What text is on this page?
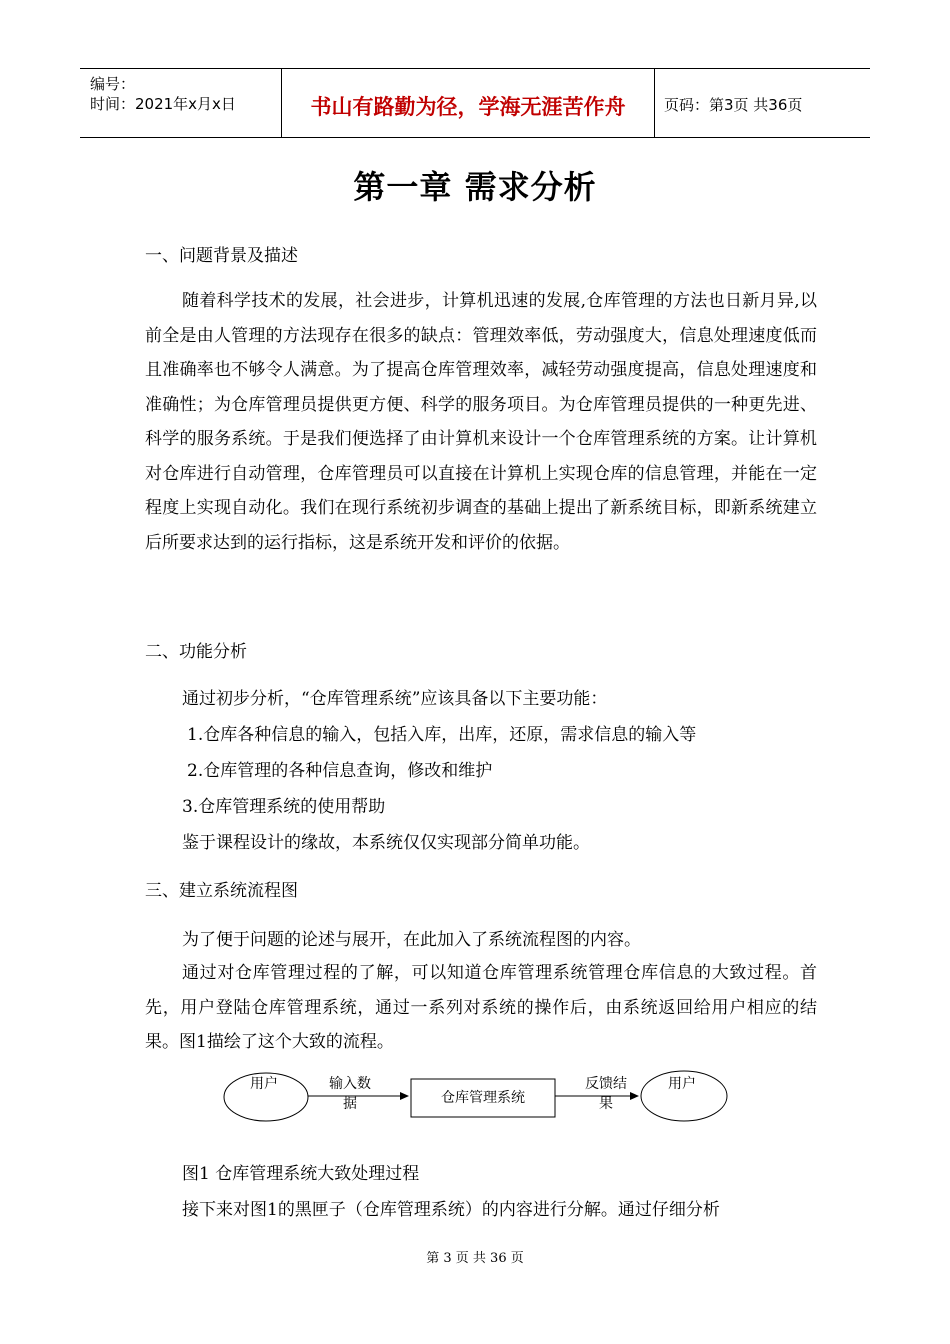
编号：
时间：2021年x月x日	书山有路勤为径，学海无涯苦作舟	页码：第3页 共36页
第一章 需求分析
一、问题背景及描述
随着科学技术的发展，社会进步，计算机迅速的发展,仓库管理的方法也日新月异,以前全是由人管理的方法现存在很多的缺点：管理效率低，劳动强度大，信息处理速度低而且准确率也不够令人满意。为了提高仓库管理效率，减轻劳动强度提高，信息处理速度和准确性；为仓库管理员提供更方便、科学的服务项目。为仓库管理员提供的一种更先进、科学的服务系统。于是我们便选择了由计算机来设计一个仓库管理系统的方案。让计算机对仓库进行自动管理，仓库管理员可以直接在计算机上实现仓库的信息管理，并能在一定程度上实现自动化。我们在现行系统初步调查的基础上提出了新系统目标，即新系统建立后所要求达到的运行指标，这是系统开发和评价的依据。
二、功能分析
通过初步分析，“仓库管理系统”应该具备以下主要功能：
1.仓库各种信息的输入，包括入库，出库，还原，需求信息的输入等
2.仓库管理的各种信息查询，修改和维护
3.仓库管理系统的使用帮助
鉴于课程设计的缘故，本系统仅仅实现部分简单功能。
三、建立系统流程图
为了便于问题的论述与展开，在此加入了系统流程图的内容。
通过对仓库管理过程的了解，可以知道仓库管理系统管理仓库信息的大致过程。首先，用户登陆仓库管理系统，通过一系列对系统的操作后，由系统返回给用户相应的结果。图1描绘了这个大致的流程。
用户	输入数
据	仓库管理系统
反馈结
果
用户
图1 仓库管理系统大致处理过程
接下来对图1的黑匣子（仓库管理系统）的内容进行分解。通过仔细分析
第 3 页 共 36 页
